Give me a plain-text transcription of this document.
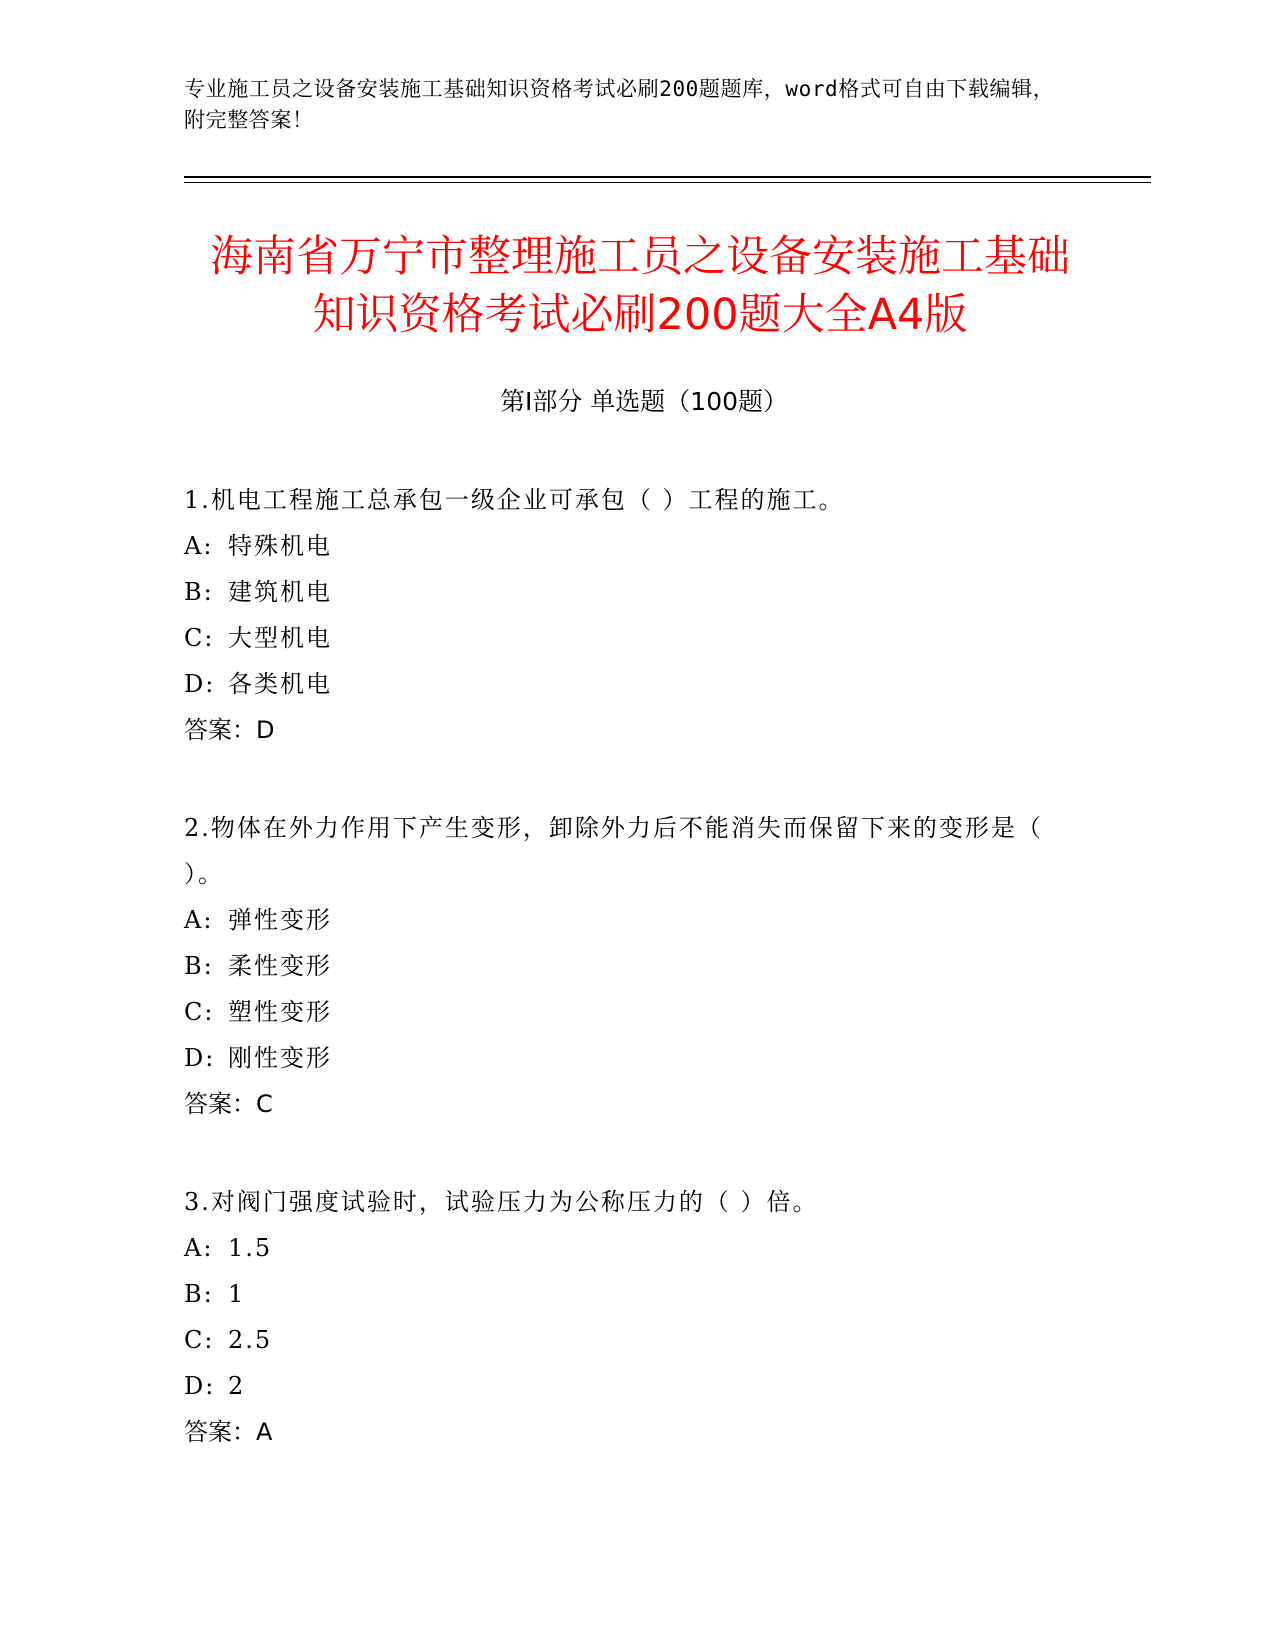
专业施工员之设备安装施工基础知识资格考试必刷200题题库，word格式可自由下载编辑，附完整答案！
海南省万宁市整理施工员之设备安装施工基础知识资格考试必刷200题大全A4版
第I部分 单选题（100题）
1.机电工程施工总承包一级企业可承包（ ）工程的施工。
A: 特殊机电
B: 建筑机电
C: 大型机电
D: 各类机电
答案：D
2.物体在外力作用下产生变形，卸除外力后不能消失而保留下来的变形是（ ）。
A: 弹性变形
B: 柔性变形
C: 塑性变形
D: 刚性变形
答案：C
3.对阀门强度试验时，试验压力为公称压力的（ ）倍。
A: 1.5
B: 1
C: 2.5
D: 2
答案：A
